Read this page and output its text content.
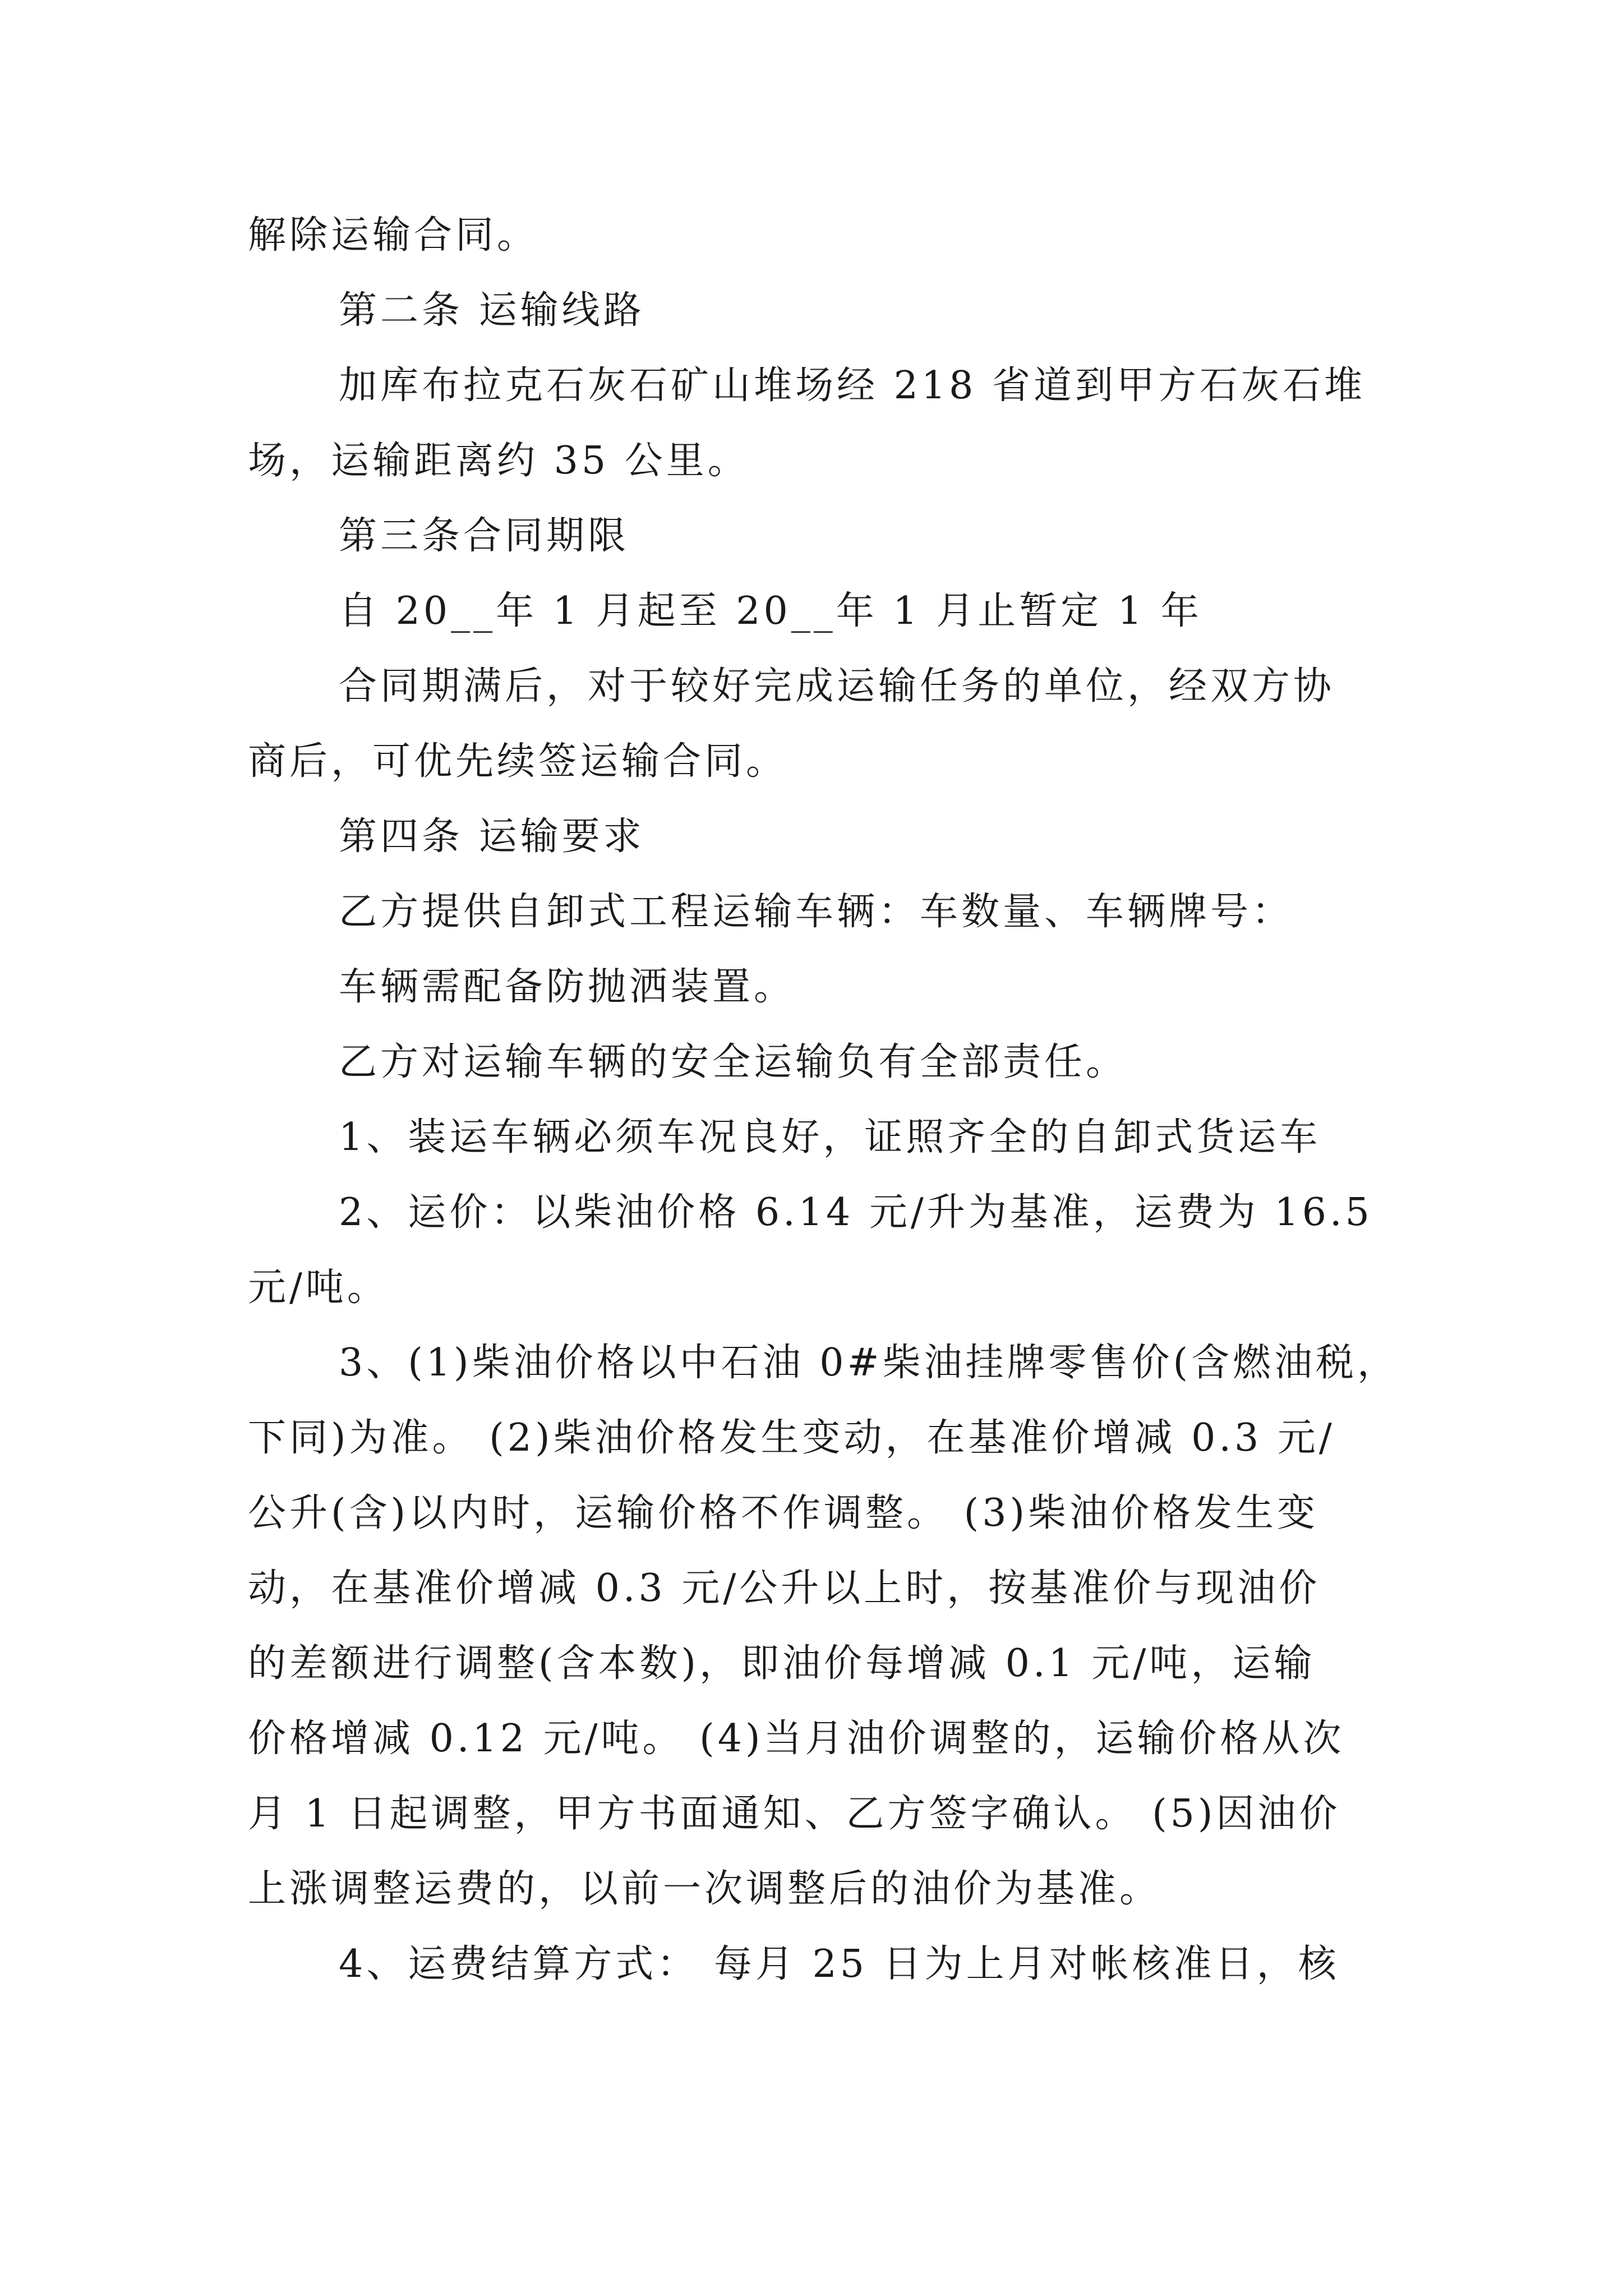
解除运输合同。

第二条 运输线路

加库布拉克石灰石矿山堆场经 218 省道到甲方石灰石堆

场，运输距离约 35 公里。

第三条合同期限

自 20__年 1 月起至 20__年 1 月止暂定 1 年

合同期满后，对于较好完成运输任务的单位，经双方协

商后，可优先续签运输合同。

第四条 运输要求

乙方提供自卸式工程运输车辆：车数量、车辆牌号：

车辆需配备防抛洒装置。

乙方对运输车辆的安全运输负有全部责任。

1、装运车辆必须车况良好，证照齐全的自卸式货运车

2、运价：以柴油价格 6.14 元/升为基准，运费为 16.5

元/吨。

3、(1)柴油价格以中石油 0#柴油挂牌零售价(含燃油税，

下同)为准。 (2)柴油价格发生变动，在基准价增减 0.3 元/

公升(含)以内时，运输价格不作调整。 (3)柴油价格发生变

动，在基准价增减 0.3 元/公升以上时，按基准价与现油价

的差额进行调整(含本数)，即油价每增减 0.1 元/吨，运输

价格增减 0.12 元/吨。 (4)当月油价调整的，运输价格从次

月 1 日起调整，甲方书面通知、乙方签字确认。 (5)因油价

上涨调整运费的，以前一次调整后的油价为基准。

4、运费结算方式： 每月 25 日为上月对帐核准日，核
